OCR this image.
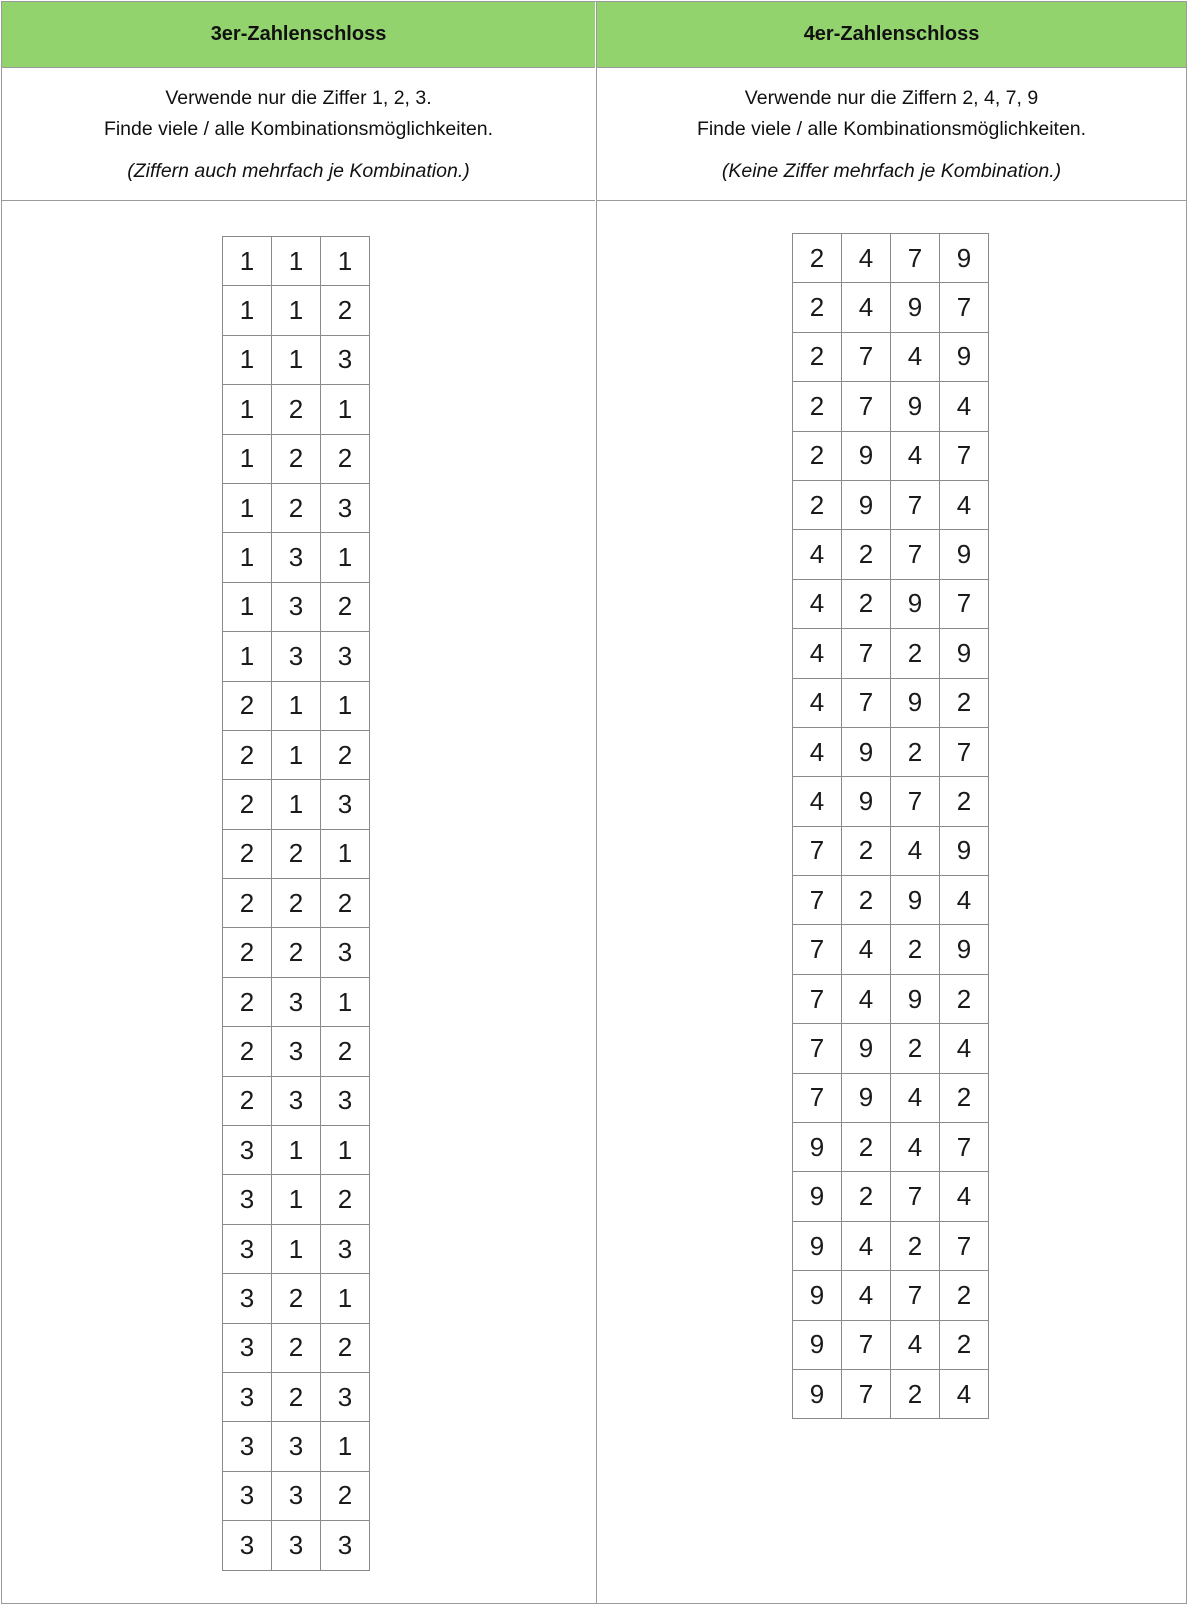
3er-Zahlenschloss
Verwende nur die Ziffer 1, 2, 3.
Finde viele / alle Kombinationsmöglichkeiten.
(Ziffern auch mehrfach je Kombination.)
1	1	1
1	1	2
1	1	3
1	2	1
1	2	2
1	2	3
1	3	1
1	3	2
1	3	3
2	1	1
2	1	2
2	1	3
2	2	1
2	2	2
2	2	3
2	3	1
2	3	2
2	3	3
3	1	1
3	1	2
3	1	3
3	2	1
3	2	2
3	2	3
3	3	1
3	3	2
3	3	3
4er-Zahlenschloss
Verwende nur die Ziffern 2, 4, 7, 9
Finde viele / alle Kombinationsmöglichkeiten.
(Keine Ziffer mehrfach je Kombination.)
2	4	7	9
2	4	9	7
2	7	4	9
2	7	9	4
2	9	4	7
2	9	7	4
4	2	7	9
4	2	9	7
4	7	2	9
4	7	9	2
4	9	2	7
4	9	7	2
7	2	4	9
7	2	9	4
7	4	2	9
7	4	9	2
7	9	2	4
7	9	4	2
9	2	4	7
9	2	7	4
9	4	2	7
9	4	7	2
9	7	4	2
9	7	2	4
